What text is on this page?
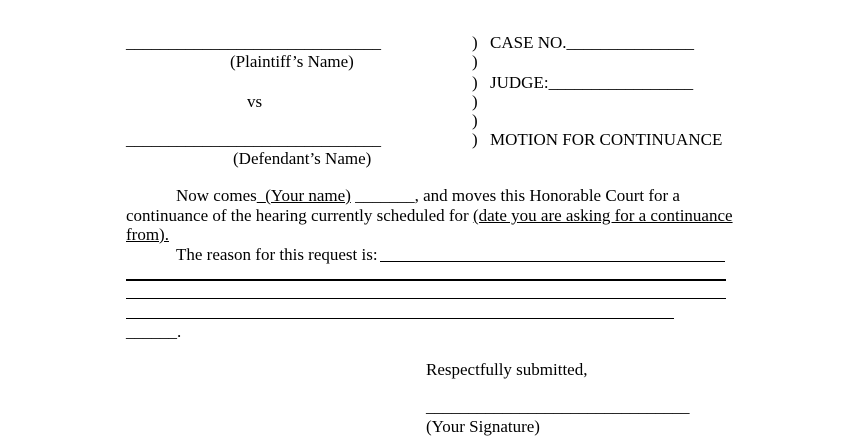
______________________________
(Plaintiff’s Name)
vs
______________________________
(Defendant’s Name)
)
)
)
)
)
)
CASE NO._______________
JUDGE:_________________
MOTION FOR CONTINUANCE
Now comes (Your name) _______, and moves this Honorable Court for a
continuance of the hearing currently scheduled for (date you are asking for a continuance
from).
The reason for this request is:
______.
Respectfully submitted,
_______________________________
(Your Signature)
